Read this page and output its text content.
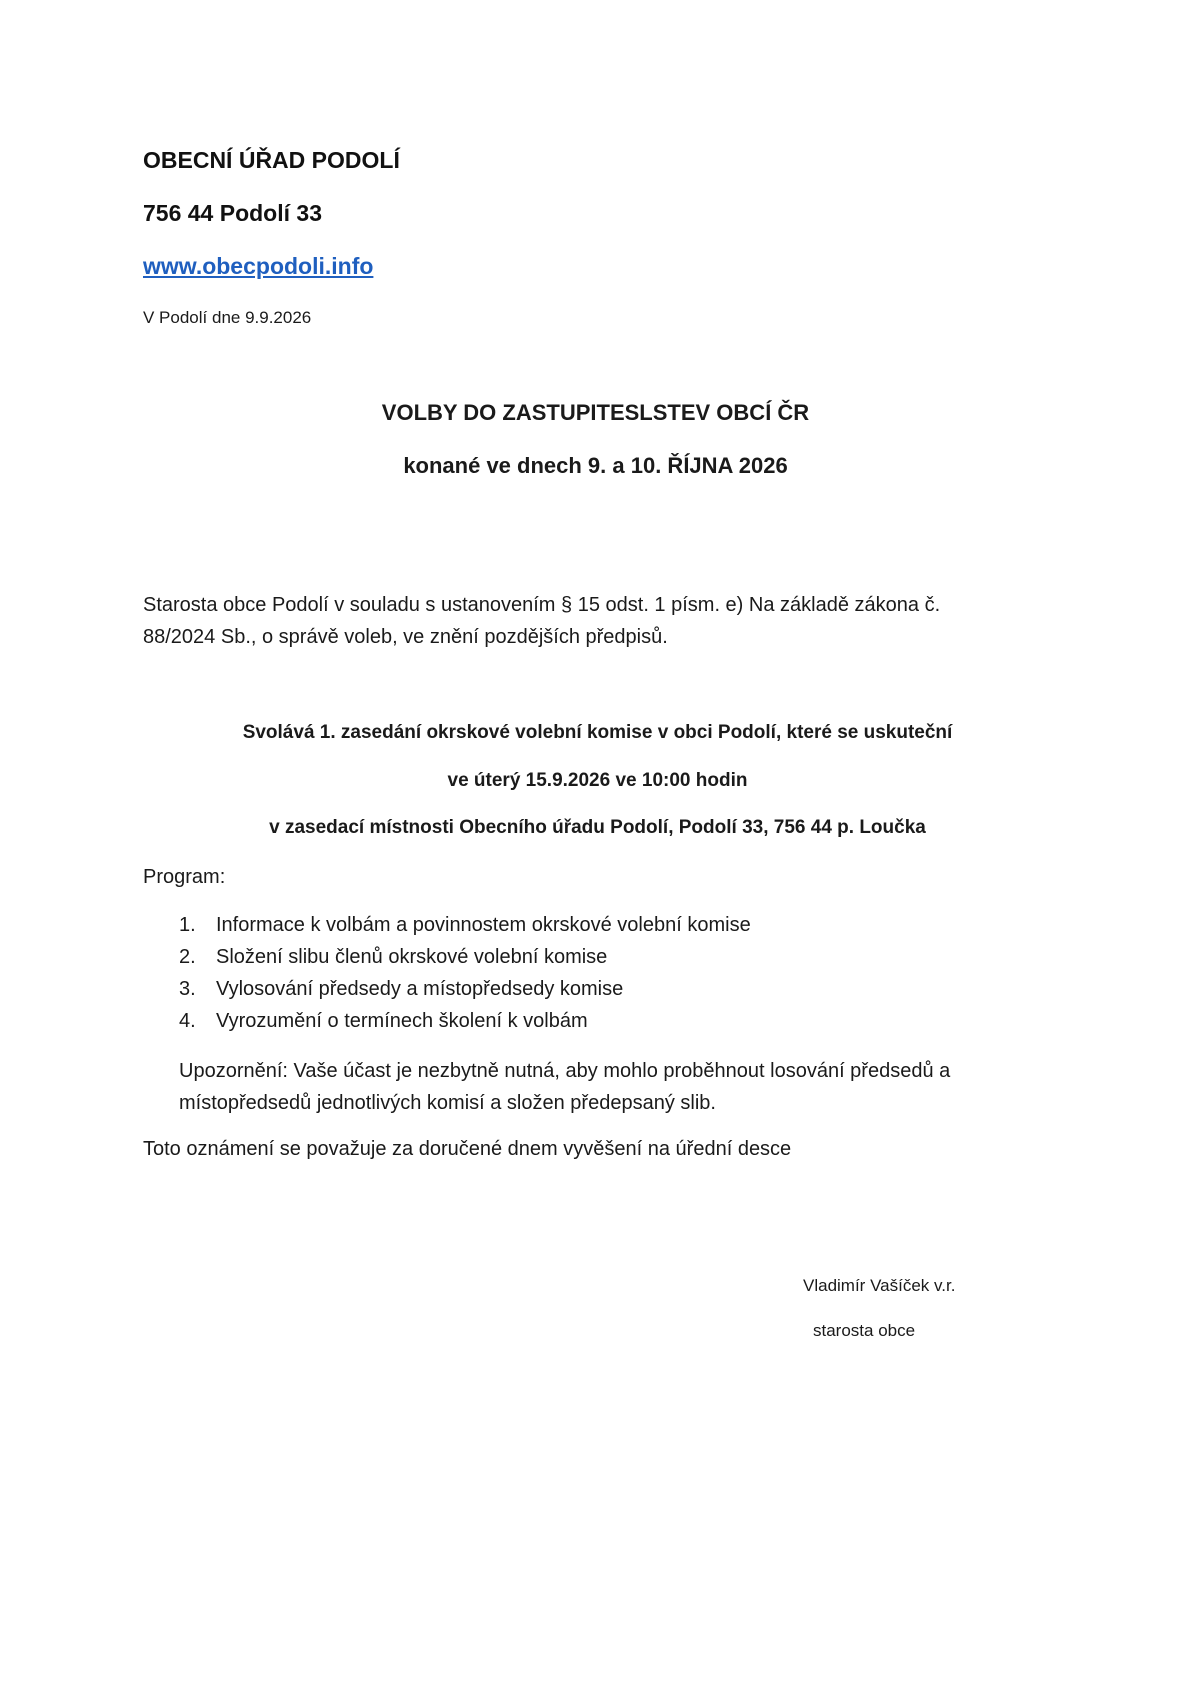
OBECNÍ ÚŘAD PODOLÍ

756 44 Podolí 33

www.obecpodoli.info

V Podolí dne 9.9.2026

VOLBY DO ZASTUPITESLSTEV OBCÍ ČR

konané ve dnech 9. a 10. ŘÍJNA 2026

Starosta obce Podolí v souladu s ustanovením § 15 odst. 1 písm. e) Na základě zákona č.

88/2024 Sb., o správě voleb, ve znění pozdějších předpisů.

Svolává 1. zasedání okrskové volební komise v obci Podolí, které se uskuteční

ve úterý 15.9.2026 ve 10:00 hodin

v zasedací místnosti Obecního úřadu Podolí, Podolí 33, 756 44 p. Loučka

Program:

1. Informace k volbám a povinnostem okrskové volební komise
2. Složení slibu členů okrskové volební komise
3. Vylosování předsedy a místopředsedy komise
4. Vyrozumění o termínech školení k volbám

Upozornění: Vaše účast je nezbytně nutná, aby mohlo proběhnout losování předsedů a

místopředsedů jednotlivých komisí a složen předepsaný slib.

Toto oznámení se považuje za doručené dnem vyvěšení na úřední desce

Vladimír Vašíček v.r.

starosta obce
